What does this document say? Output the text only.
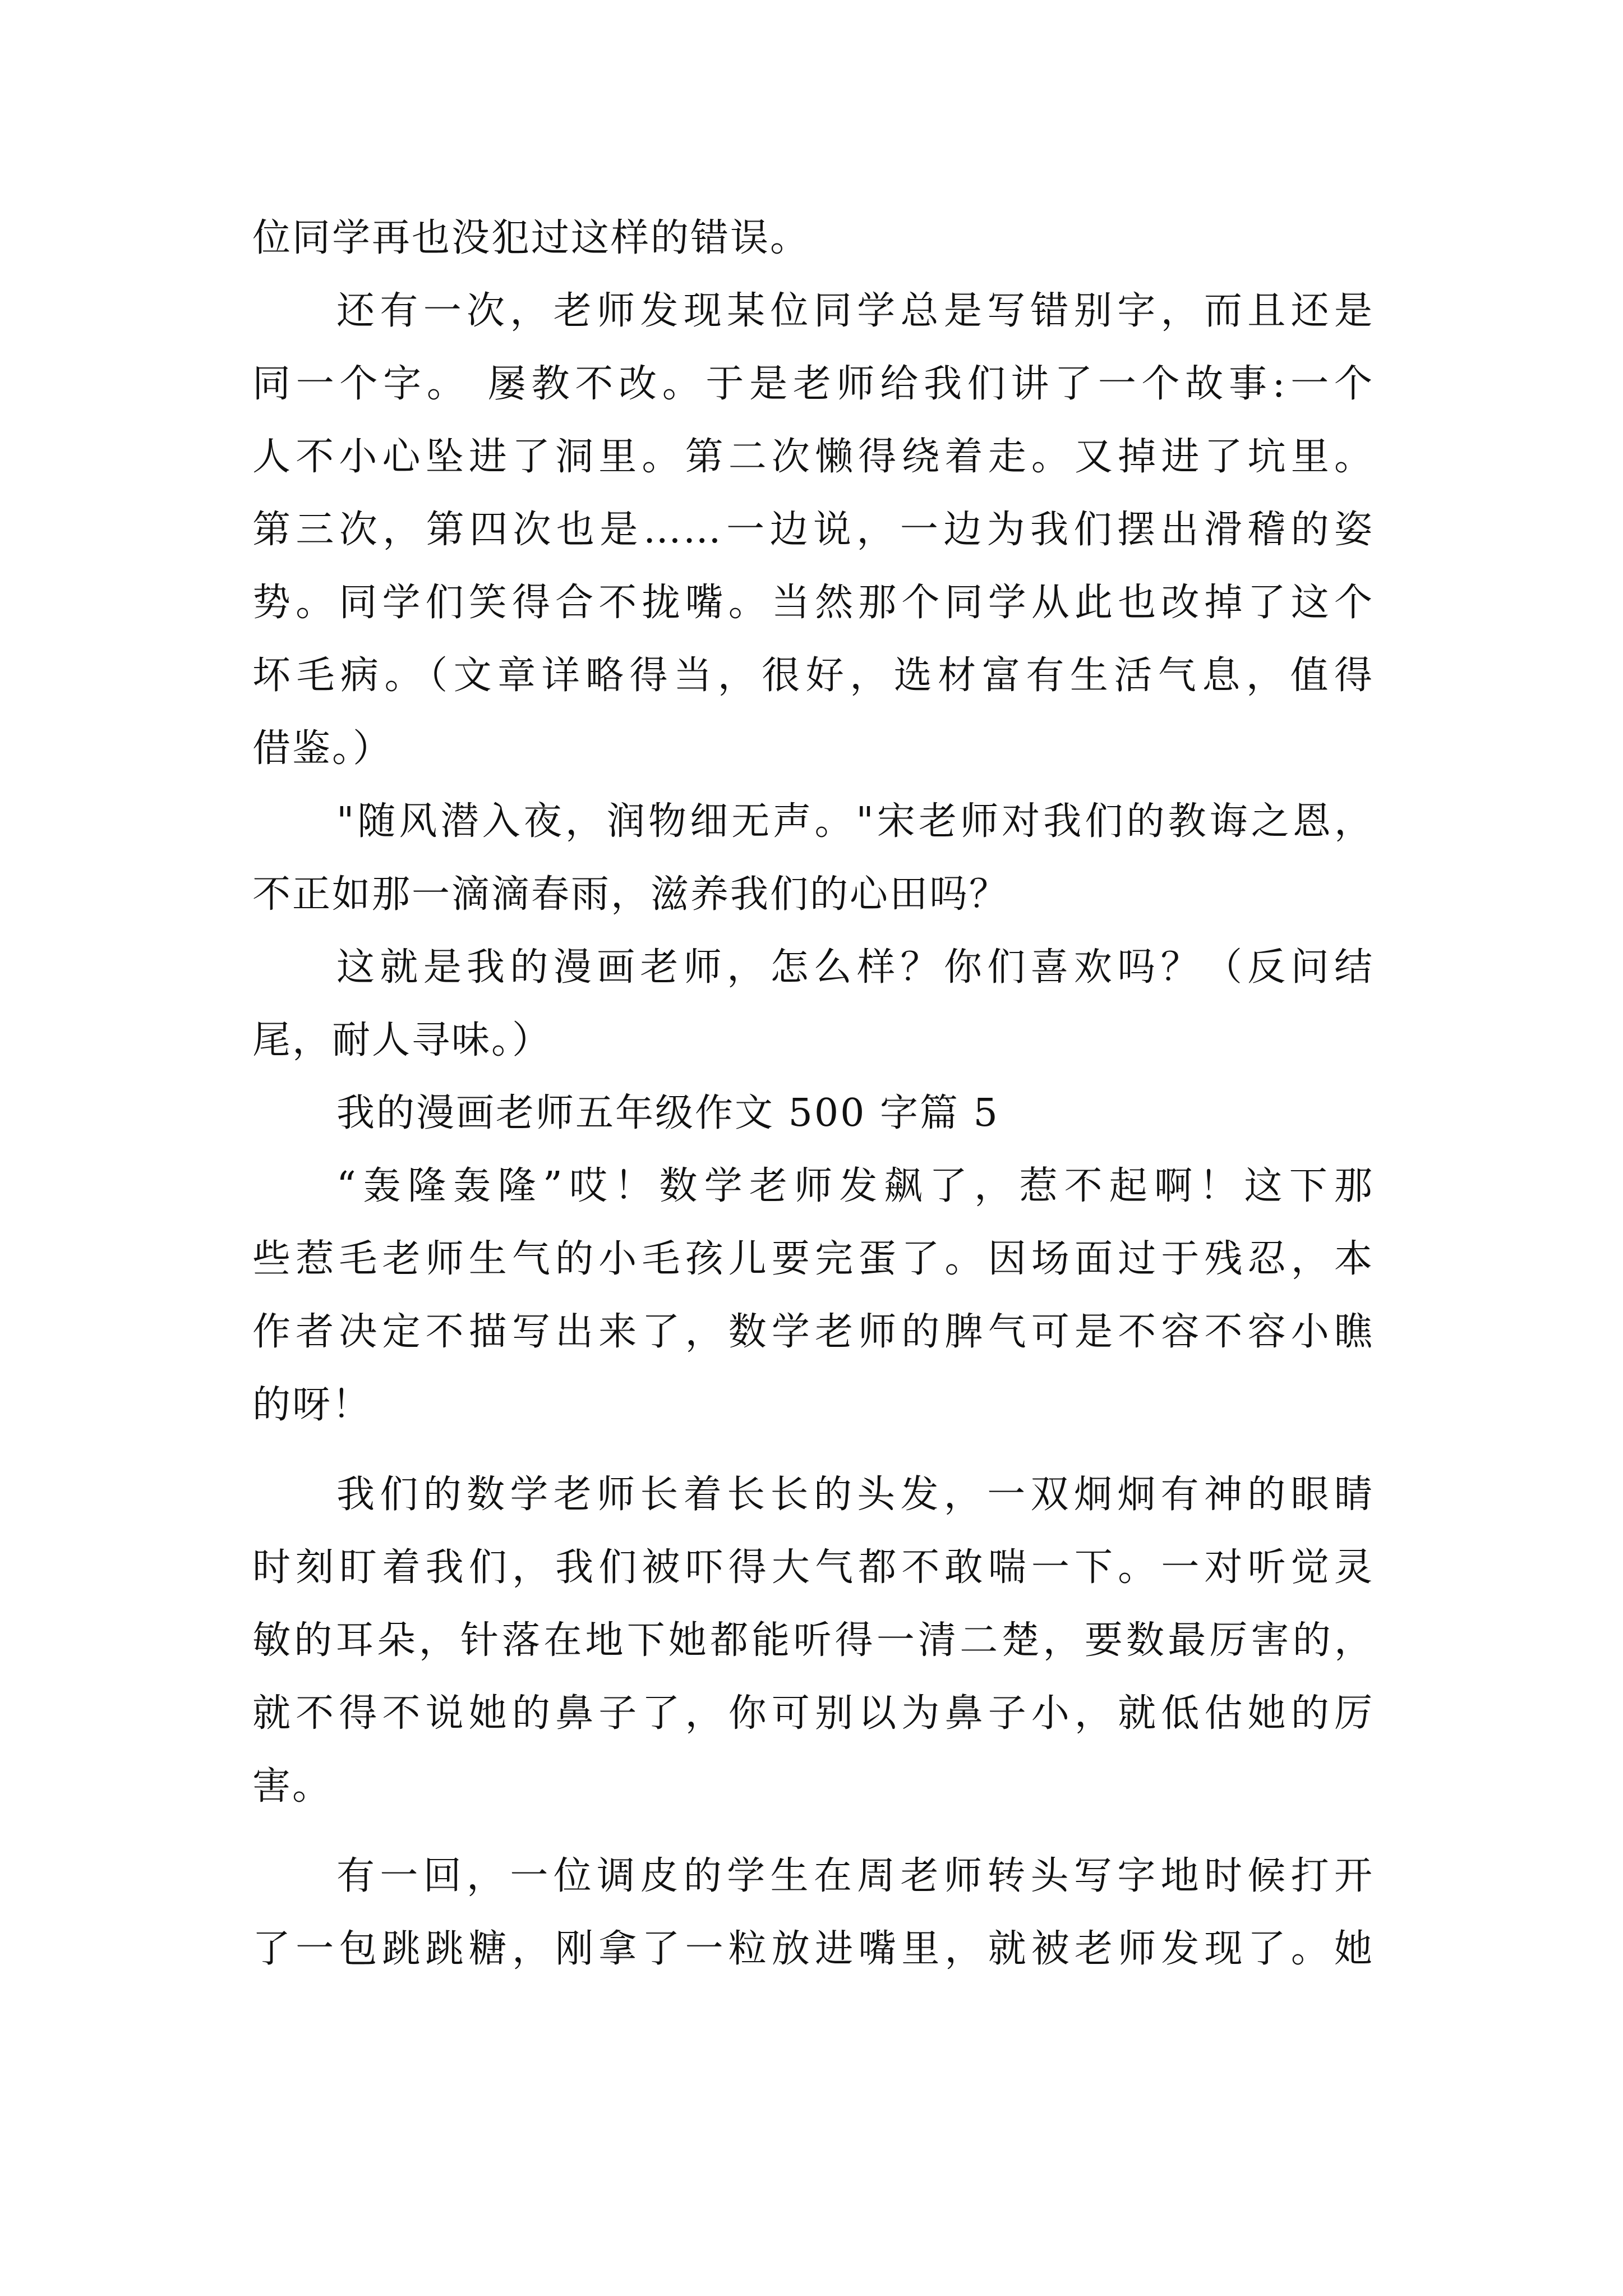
位同学再也没犯过这样的错误。
还有一次，老师发现某位同学总是写错别字，而且还是
同一个字。 屡教不改。于是老师给我们讲了一个故事:一个
人不小心坠进了洞里。第二次懒得绕着走。又掉进了坑里。
第三次，第四次也是……一边说，一边为我们摆出滑稽的姿
势。同学们笑得合不拢嘴。当然那个同学从此也改掉了这个
坏毛病。（文章详略得当，很好，选材富有生活气息，值得
借鉴。）
"随风潜入夜，润物细无声。"宋老师对我们的教诲之恩，
不正如那一滴滴春雨，滋养我们的心田吗？
这就是我的漫画老师，怎么样？你们喜欢吗？（反问结
尾，耐人寻味。）
我的漫画老师五年级作文 500 字篇 5
“轰隆轰隆”哎！数学老师发飙了，惹不起啊！这下那
些惹毛老师生气的小毛孩儿要完蛋了。因场面过于残忍，本
作者决定不描写出来了，数学老师的脾气可是不容不容小瞧
的呀！
我们的数学老师长着长长的头发，一双炯炯有神的眼睛
时刻盯着我们，我们被吓得大气都不敢喘一下。一对听觉灵
敏的耳朵，针落在地下她都能听得一清二楚，要数最厉害的，
就不得不说她的鼻子了，你可别以为鼻子小，就低估她的厉
害。
有一回，一位调皮的学生在周老师转头写字地时候打开
了一包跳跳糖，刚拿了一粒放进嘴里，就被老师发现了。她
